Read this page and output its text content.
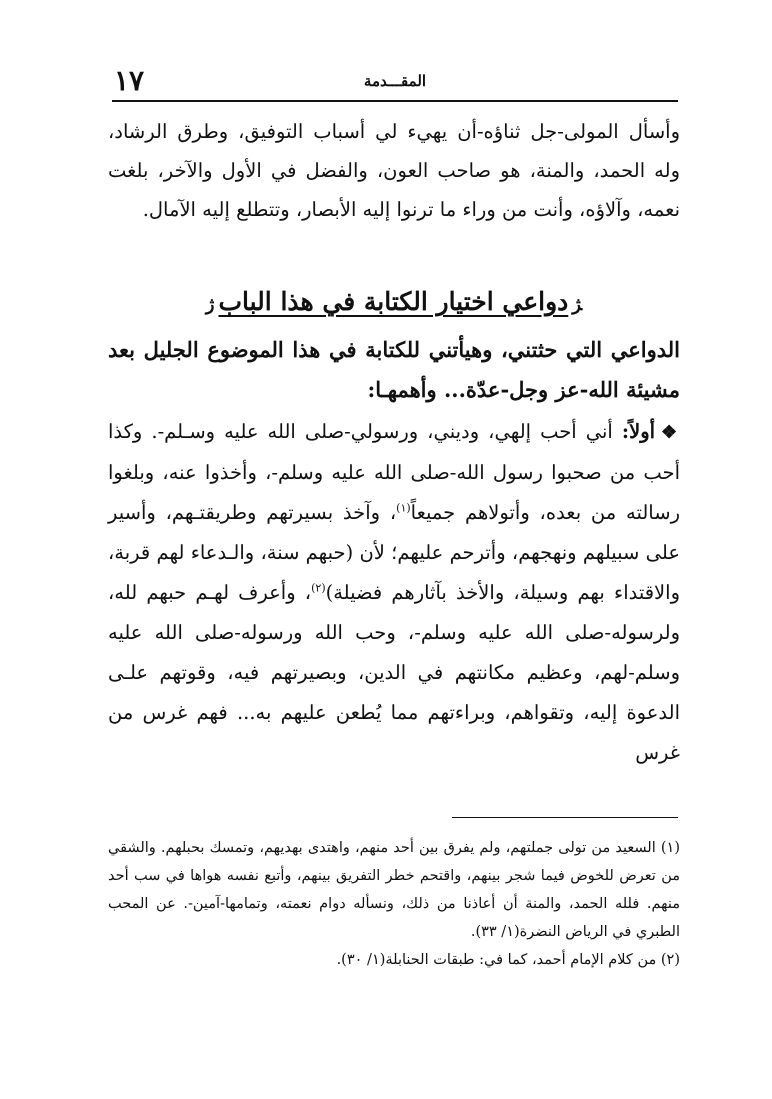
١٧	المقـــدمة

وأسأل المولى-جل ثناؤه-أن يهيء لي أسباب التوفيق، وطرق الرشاد، وله الحمد، والمنة، هو صاحب العون، والفضل في الأول والآخر، بلغت نعمه، وآلاؤه، وأنت من وراء ما ترنوا إليه الأبصار، وتتطلع إليه الآمال.

ﮋدواعي اختيار الكتابة في هذا البابﮊ

الدواعي التي حثتني، وهيأتني للكتابة في هذا الموضوع الجليل بعد مشيئة الله-عز وجل-عدّة... وأهمهـا:

❖أولاً: أني أحب إلهي، وديني، ورسولي-صلى الله عليه وسـلم-. وكذا أحب من صحبوا رسول الله-صلى الله عليه وسلم-، وأخذوا عنه، وبلغوا رسالته من بعده، وأتولاهم جميعاً$^{(١)}$، وآخذ بسيرتهم وطريقتـهم، وأسير على سبيلهم ونهجهم، وأترحم عليهم؛ لأن (حبهم سنة، والـدعاء لهم قربة، والاقتداء بهم وسيلة، والأخذ بآثارهم فضيلة)$^{(٢)}$، وأعرف لهـم حبهم لله، ولرسوله-صلى الله عليه وسلم-، وحب الله ورسوله-صلى الله عليه وسلم-لهم، وعظيم مكانتهم في الدين، وبصيرتهم فيه، وقوتهم علـى الدعوة إليه، وتقواهم، وبراءتهم مما يُطعن عليهم به... فهم غرس من غرس

(١) السعيد من تولى جملتهم، ولم يفرق بين أحد منهم، واهتدى بهديهم، وتمسك بحبلهم. والشقي من تعرض للخوض فيما شجر بينهم، واقتحم خطر التفريق بينهم، وأتبع نفسه هواها في سب أحد منهم. فلله الحمد، والمنة أن أعاذنا من ذلك، ونسأله دوام نعمته، وتمامها-آمين-. عن المحب الطبري في الرياض النضرة(١/ ٣٣).

(٢) من كلام الإمام أحمد، كما في: طبقات الحنابلة(١/ ٣٠).
